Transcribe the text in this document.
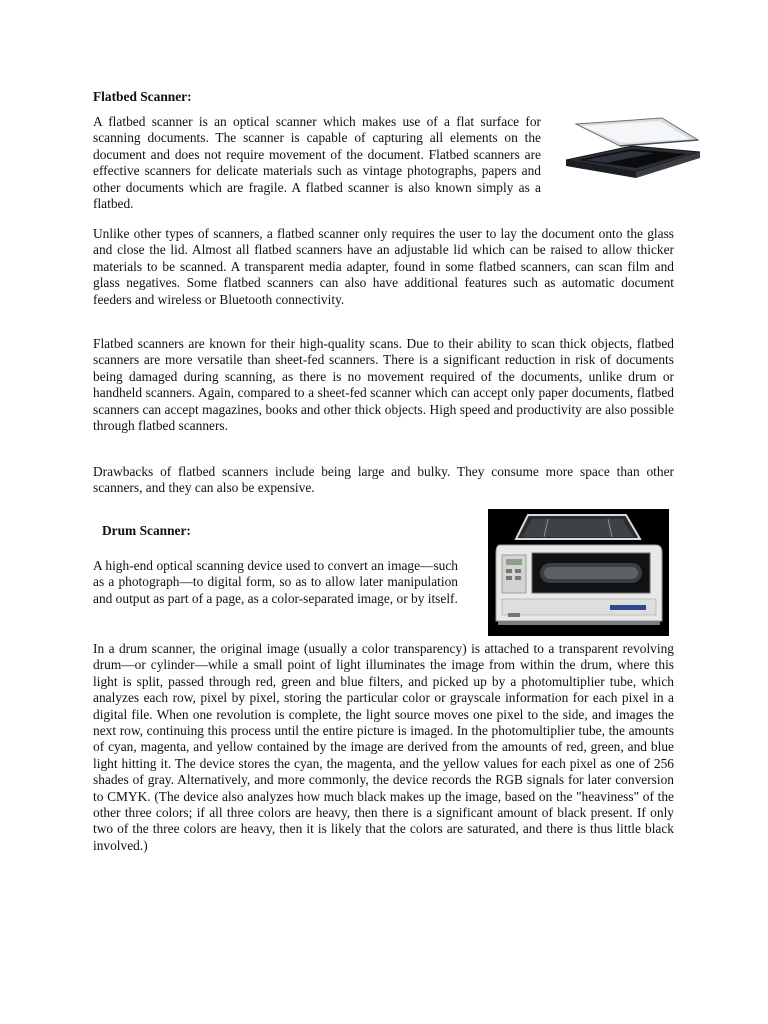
Flatbed Scanner:

A flatbed scanner is an optical scanner which makes use of a flat surface for scanning documents. The scanner is capable of capturing all elements on the document and does not require movement of the document. Flatbed scanners are effective scanners for delicate materials such as vintage photographs, papers and other documents which are fragile. A flatbed scanner is also known simply as a flatbed.

Unlike other types of scanners, a flatbed scanner only requires the user to lay the document onto the glass and close the lid. Almost all flatbed scanners have an adjustable lid which can be raised to allow thicker materials to be scanned. A transparent media adapter, found in some flatbed scanners, can scan film and glass negatives. Some flatbed scanners can also have additional features such as automatic document feeders and wireless or Bluetooth connectivity.

Flatbed scanners are known for their high-quality scans. Due to their ability to scan thick objects, flatbed scanners are more versatile than sheet-fed scanners. There is a significant reduction in risk of documents being damaged during scanning, as there is no movement required of the documents, unlike drum or handheld scanners. Again, compared to a sheet-fed scanner which can accept only paper documents, flatbed scanners can accept magazines, books and other thick objects. High speed and productivity are also possible through flatbed scanners.

Drawbacks of flatbed scanners include being large and bulky. They consume more space than other scanners, and they can also be expensive.

Drum Scanner:

A high-end optical scanning device used to convert an image—such as a photograph—to digital form, so as to allow later manipulation and output as part of a page, as a color-separated image, or by itself.

In a drum scanner, the original image (usually a color transparency) is attached to a transparent revolving drum—or cylinder—while a small point of light illuminates the image from within the drum, where this light is split, passed through red, green and blue filters, and picked up by a photomultiplier tube, which analyzes each row, pixel by pixel, storing the particular color or grayscale information for each pixel in a digital file. When one revolution is complete, the light source moves one pixel to the side, and images the next row, continuing this process until the entire picture is imaged. In the photomultiplier tube, the amounts of cyan, magenta, and yellow contained by the image are derived from the amounts of red, green, and blue light hitting it. The device stores the cyan, the magenta, and the yellow values for each pixel as one of 256 shades of gray. Alternatively, and more commonly, the device records the RGB signals for later conversion to CMYK. (The device also analyzes how much black makes up the image, based on the "heaviness" of the other three colors; if all three colors are heavy, then there is a significant amount of black present. If only two of the three colors are heavy, then it is likely that the colors are saturated, and there is thus little black involved.)
